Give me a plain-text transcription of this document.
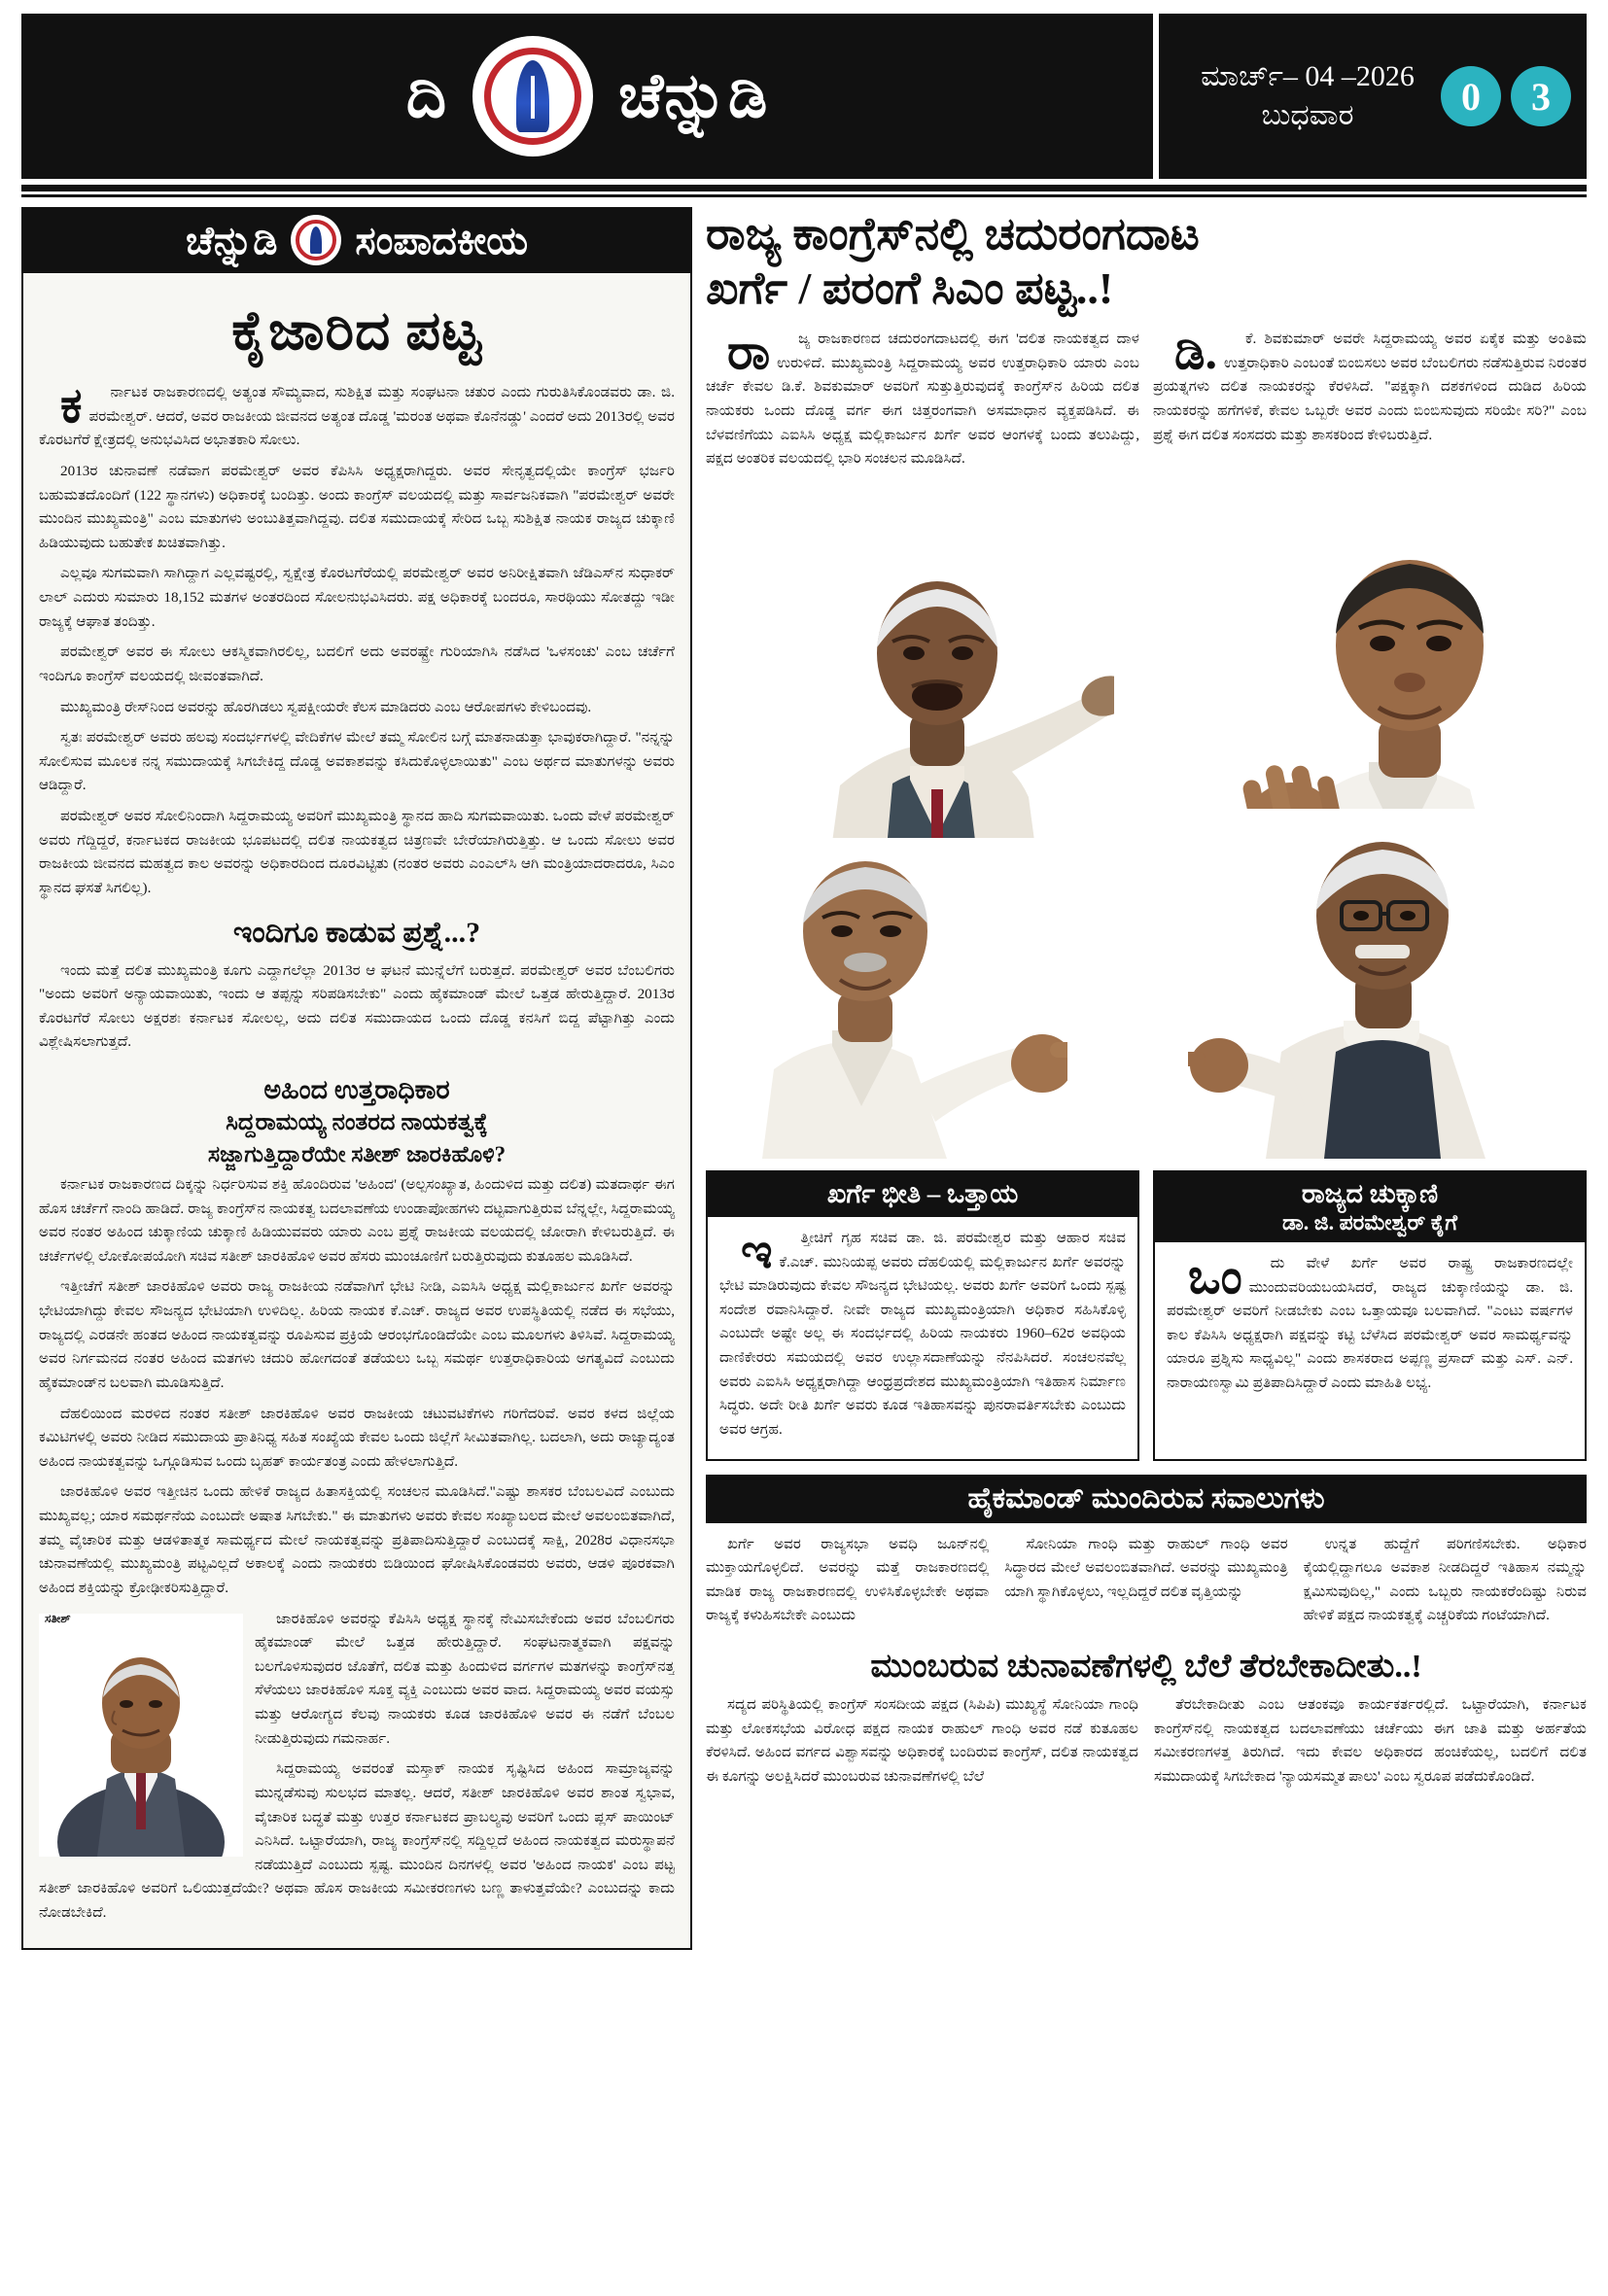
ದಿ	ಚೆನ್ನುಡಿ	ಮಾರ್ಚ್– 04 –2026
ಬುಧವಾರ	0	3
ಚೆನ್ನುಡಿ ಸಂಪಾದಕೀಯ
ಕೈಜಾರಿದ ಪಟ್ಟ

ಕರ್ನಾಟಕ ರಾಜಕಾರಣದಲ್ಲಿ ಅತ್ಯಂತ ಸೌಮ್ಯವಾದ, ಸುಶಿಕ್ಷಿತ ಮತ್ತು ಸಂಘಟನಾ ಚತುರ ಎಂದು ಗುರುತಿಸಿಕೊಂಡವರು ಡಾ. ಜಿ. ಪರಮೇಶ್ವರ್. ಆದರೆ, ಅವರ ರಾಜಕೀಯ ಜೀವನದ ಅತ್ಯಂತ ದೊಡ್ಡ 'ಮರಂತ ಅಥವಾ ಕೊನೆನಡ್ಡು' ಎಂದರೆ ಅದು 2013ರಲ್ಲಿ ಅವರ ಕೊರಟಗೆರೆ ಕ್ಷೇತ್ರದಲ್ಲಿ ಅನುಭವಿಸಿದ ಅಭಾತಕಾರಿ ಸೋಲು.

2013ರ ಚುನಾವಣೆ ನಡೆವಾಗ ಪರಮೇಶ್ವರ್ ಅವರ ಕೆಪಿಸಿಸಿ ಅಧ್ಯಕ್ಷರಾಗಿದ್ದರು. ಅವರ ಸೇನೃತ್ವದಲ್ಲಿಯೇ ಕಾಂಗ್ರೆಸ್ ಭರ್ಜರಿ ಬಹುಮತದೊಂದಿಗೆ (122 ಸ್ಥಾನಗಳು) ಅಧಿಕಾರಕ್ಕೆ ಬಂದಿತ್ತು. ಅಂದು ಕಾಂಗ್ರೆಸ್ ವಲಯದಲ್ಲಿ ಮತ್ತು ಸಾರ್ವಜನಿಕವಾಗಿ "ಪರಮೇಶ್ವರ್ ಅವರೇ ಮುಂದಿನ ಮುಖ್ಯಮಂತ್ರಿ" ಎಂಬ ಮಾತುಗಳು ಅಂಬುತಿತ್ತವಾಗಿದ್ದವು. ದಲಿತ ಸಮುದಾಯಕ್ಕೆ ಸೇರಿದ ಒಬ್ಬ ಸುಶಿಕ್ಷಿತ ನಾಯಕ ರಾಜ್ಯದ ಚುಕ್ಕಾಣಿ ಹಿಡಿಯುವುದು ಬಹುತೇಕ ಖಚಿತವಾಗಿತ್ತು.

ಎಲ್ಲವೂ ಸುಗಮವಾಗಿ ಸಾಗಿದ್ದಾಗ ಎಲ್ಲವಷ್ಟರಲ್ಲಿ, ಸ್ವಕ್ಷೇತ್ರ ಕೊರಟಗೆರೆಯಲ್ಲಿ ಪರಮೇಶ್ವರ್ ಅವರ ಅನಿರೀಕ್ಷಿತವಾಗಿ ಜೆಡಿಎಸ್‌ನ ಸುಧಾಕರ್ ಲಾಲ್ ಎದುರು ಸುಮಾರು 18,152 ಮತಗಳ ಅಂತರದಿಂದ ಸೋಲನುಭವಿಸಿದರು. ಪಕ್ಷ ಅಧಿಕಾರಕ್ಕೆ ಬಂದರೂ, ಸಾರಥಿಯು ಸೋತದ್ದು ಇಡೀ ರಾಜ್ಯಕ್ಕೆ ಆಘಾತ ತಂದಿತ್ತು.

ಪರಮೇಶ್ವರ್ ಅವರ ಈ ಸೋಲು ಆಕಸ್ಮಿಕವಾಗಿರಲಿಲ್ಲ, ಬದಲಿಗೆ ಅದು ಅವರಷ್ಟ್ರೇ ಗುರಿಯಾಗಿಸಿ ನಡೆಸಿದ 'ಒಳಸಂಚು' ಎಂಬ ಚರ್ಚೆಗೆ ಇಂದಿಗೂ ಕಾಂಗ್ರೆಸ್ ವಲಯದಲ್ಲಿ ಜೀವಂತವಾಗಿದೆ.

ಮುಖ್ಯಮಂತ್ರಿ ರೇಸ್‌ನಿಂದ ಅವರನ್ನು ಹೊರಗಿಡಲು ಸ್ವಪಕ್ಷೀಯರೇ ಕೆಲಸ ಮಾಡಿದರು ಎಂಬ ಆರೋಪಗಳು ಕೇಳಿಬಂದವು.

ಸ್ವತಃ ಪರಮೇಶ್ವರ್ ಅವರು ಹಲವು ಸಂದರ್ಭಗಳಲ್ಲಿ ವೇದಿಕೆಗಳ ಮೇಲೆ ತಮ್ಮ ಸೋಲಿನ ಬಗ್ಗೆ ಮಾತನಾಡುತ್ತಾ ಭಾವುಕರಾಗಿದ್ದಾರೆ. "ನನ್ನನ್ನು ಸೋಲಿಸುವ ಮೂಲಕ ನನ್ನ ಸಮುದಾಯಕ್ಕೆ ಸಿಗಬೇಕಿದ್ದ ದೊಡ್ಡ ಅವಕಾಶವನ್ನು ಕಸಿದುಕೊಳ್ಳಲಾಯಿತು" ಎಂಬ ಅರ್ಥದ ಮಾತುಗಳನ್ನು ಅವರು ಆಡಿದ್ದಾರೆ.

ಪರಮೇಶ್ವರ್ ಅವರ ಸೋಲಿನಿಂದಾಗಿ ಸಿದ್ದರಾಮಯ್ಯ ಅವರಿಗೆ ಮುಖ್ಯಮಂತ್ರಿ ಸ್ಥಾನದ ಹಾದಿ ಸುಗಮವಾಯಿತು. ಒಂದು ವೇಳೆ ಪರಮೇಶ್ವರ್ ಅವರು ಗೆದ್ದಿದ್ದರೆ, ಕರ್ನಾಟಕದ ರಾಜಕೀಯ ಭೂಪಟದಲ್ಲಿ ದಲಿತ ನಾಯಕತ್ವದ ಚಿತ್ರಣವೇ ಬೇರೆಯಾಗಿರುತ್ತಿತ್ತು. ಆ ಒಂದು ಸೋಲು ಅವರ ರಾಜಕೀಯ ಜೀವನದ ಮಹತ್ವದ ಕಾಲ ಅವರನ್ನು ಅಧಿಕಾರದಿಂದ ದೂರವಿಟ್ಟಿತು (ನಂತರ ಅವರು ಎಂಎಲ್‌ಸಿ ಆಗಿ ಮಂತ್ರಿಯಾದರಾದರೂ, ಸಿಎಂ ಸ್ಥಾನದ ಘಸತೆ ಸಿಗಲಿಲ್ಲ).

ಇಂದಿಗೂ ಕಾಡುವ ಪ್ರಶ್ನೆ...?

ಇಂದು ಮತ್ತೆ ದಲಿತ ಮುಖ್ಯಮಂತ್ರಿ ಕೂಗು ಎದ್ದಾಗಲೆಲ್ಲಾ 2013ರ ಆ ಘಟನೆ ಮುನ್ನೆಲೆಗೆ ಬರುತ್ತದೆ. ಪರಮೇಶ್ವರ್ ಅವರ ಬೆಂಬಲಿಗರು "ಅಂದು ಅವರಿಗೆ ಅನ್ಯಾಯವಾಯಿತು, ಇಂದು ಆ ತಪ್ಪನ್ನು ಸರಿಪಡಿಸಬೇಕು" ಎಂದು ಹೈಕಮಾಂಡ್ ಮೇಲೆ ಒತ್ತಡ ಹೇರುತ್ತಿದ್ದಾರೆ. 2013ರ ಕೊರಟಗೆರೆ ಸೋಲು ಅಕ್ಷರಶಃ ಕರ್ನಾಟಕ ಸೋಲಲ್ಲ, ಅದು ದಲಿತ ಸಮುದಾಯದ ಒಂದು ದೊಡ್ಡ ಕನಸಿಗೆ ಬಿದ್ದ ಪೆಟ್ಟಾಗಿತ್ತು ಎಂದು ವಿಶ್ಲೇಷಿಸಲಾಗುತ್ತದೆ.

ಅಹಿಂದ ಉತ್ತರಾಧಿಕಾರ
ಸಿದ್ದರಾಮಯ್ಯ ನಂತರದ ನಾಯಕತ್ವಕ್ಕೆ
ಸಜ್ಜಾಗುತ್ತಿದ್ದಾರೆಯೇ ಸತೀಶ್ ಜಾರಕಿಹೊಳಿ?

ಕರ್ನಾಟಕ ರಾಜಕಾರಣದ ದಿಕ್ಕನ್ನು ನಿರ್ಧರಿಸುವ ಶಕ್ತಿ ಹೊಂದಿರುವ 'ಅಹಿಂದ' (ಅಲ್ಪಸಂಖ್ಯಾತ, ಹಿಂದುಳಿದ ಮತ್ತು ದಲಿತ) ಮತದಾರ್ಥ ಈಗ ಹೊಸ ಚರ್ಚೆಗೆ ನಾಂದಿ ಹಾಡಿದೆ. ರಾಜ್ಯ ಕಾಂಗ್ರೆಸ್‌ನ ನಾಯಕತ್ವ ಬದಲಾವಣೆಯ ಉಂಡಾಪೋಹಗಳು ದಟ್ಟವಾಗುತ್ತಿರುವ ಬೆನ್ನಲ್ಲೇ, ಸಿದ್ದರಾಮಯ್ಯ ಅವರ ನಂತರ ಅಹಿಂದ ಚುಕ್ಕಾಣಿಯ ಚುಕ್ಕಾಣಿ ಹಿಡಿಯುವವರು ಯಾರು ಎಂಬ ಪ್ರಶ್ನೆ ರಾಜಕೀಯ ವಲಯದಲ್ಲಿ ಜೋರಾಗಿ ಕೇಳಿಬರುತ್ತಿದೆ. ಈ ಚರ್ಚೆಗಳಲ್ಲಿ ಲೋಕೋಪಯೋಗಿ ಸಚಿವ ಸತೀಶ್ ಜಾರಕಿಹೊಳಿ ಅವರ ಹೆಸರು ಮುಂಚೂಣಿಗೆ ಬರುತ್ತಿರುವುದು ಕುತೂಹಲ ಮೂಡಿಸಿದೆ.

ಇತ್ತೀಚೆಗೆ ಸತೀಶ್ ಜಾರಕಿಹೊಳಿ ಅವರು ರಾಜ್ಯ ರಾಜಕೀಯ ನಡೆವಾಗಿಗೆ ಭೇಟಿ ನೀಡಿ, ಎಐಸಿಸಿ ಅಧ್ಯಕ್ಷ ಮಲ್ಲಿಕಾರ್ಜುನ ಖರ್ಗೆ ಅವರನ್ನು ಭೇಟಿಯಾಗಿದ್ದು ಕೇವಲ ಸೌಜನ್ಯದ ಭೇಟಿಯಾಗಿ ಉಳಿದಿಲ್ಲ. ಹಿರಿಯ ನಾಯಕ ಕೆ.ಎಚ್. ರಾಜ್ಯದ ಅವರ ಉಪಸ್ಥಿತಿಯಲ್ಲಿ ನಡೆದ ಈ ಸಭೆಯು, ರಾಜ್ಯದಲ್ಲಿ ಎರಡನೇ ಹಂತದ ಅಹಿಂದ ನಾಯಕತ್ವವನ್ನು ರೂಪಿಸುವ ಪ್ರಕ್ರಿಯೆ ಆರಂಭಗೊಂಡಿದೆಯೇ ಎಂಬ ಮೂಲಗಳು ತಿಳಿಸಿವೆ. ಸಿದ್ದರಾಮಯ್ಯ ಅವರ ನಿರ್ಗಮನದ ನಂತರ ಅಹಿಂದ ಮತಗಳು ಚದುರಿ ಹೋಗದಂತೆ ತಡೆಯಲು ಒಬ್ಬ ಸಮರ್ಥ ಉತ್ತರಾಧಿಕಾರಿಯ ಅಗತ್ಯವಿದೆ ಎಂಬುದು ಹೈಕಮಾಂಡ್‌ನ ಬಲವಾಗಿ ಮೂಡಿಸುತ್ತಿದೆ.

ದೆಹಲಿಯಿಂದ ಮರಳಿದ ನಂತರ ಸತೀಶ್ ಜಾರಕಿಹೊಳಿ ಅವರ ರಾಜಕೀಯ ಚಟುವಟಿಕೆಗಳು ಗರಿಗೆದರಿವೆ. ಅವರ ಕಳದ ಜಿಲ್ಲೆಯ ಕಮಿಟಿಗಳಲ್ಲಿ ಅವರು ನೀಡಿದ ಸಮುದಾಯ ಪ್ರಾತಿನಿಧ್ಯ ಸಹಿತ ಸಂಖ್ಯೆಯ ಕೇವಲ ಒಂದು ಜಿಲ್ಲೆಗೆ ಸೀಮಿತವಾಗಿಲ್ಲ. ಬದಲಾಗಿ, ಅದು ರಾಜ್ಯಾದ್ಯಂತ ಅಹಿಂದ ನಾಯಕತ್ವವನ್ನು ಒಗ್ಗೂಡಿಸುವ ಒಂದು ಬೃಹತ್ ಕಾರ್ಯತಂತ್ರ ಎಂದು ಹೇಳಲಾಗುತ್ತಿದೆ.

ಜಾರಕಿಹೊಳಿ ಅವರ ಇತ್ತೀಚಿನ ಒಂದು ಹೇಳಿಕೆ ರಾಜ್ಯದ ಹಿತಾಸಕ್ತಿಯಲ್ಲಿ ಸಂಚಲನ ಮೂಡಿಸಿದೆ."ಎಷ್ಟು ಶಾಸಕರ ಬೆಂಬಲವಿದೆ ಎಂಬುದು ಮುಖ್ಯವಲ್ಲ; ಯಾರ ಸಮರ್ಥನೆಯ ಎಂಬುದೇ ಅಷಾತ ಸಿಗಬೇಕು." ಈ ಮಾತುಗಳು ಅವರು ಕೇವಲ ಸಂಖ್ಯಾಬಲದ ಮೇಲೆ ಅವಲಂಬಿತವಾಗಿದೆ, ತಮ್ಮ ವೈಚಾರಿಕ ಮತ್ತು ಆಡಳಿತಾತ್ಮಕ ಸಾಮರ್ಥ್ಯದ ಮೇಲೆ ನಾಯಕತ್ವವನ್ನು ಪ್ರತಿಪಾದಿಸುತ್ತಿದ್ದಾರೆ ಎಂಬುದಕ್ಕೆ ಸಾಕ್ಷಿ, 2028ರ ವಿಧಾನಸಭಾ ಚುನಾವಣೆಯಲ್ಲಿ ಮುಖ್ಯಮಂತ್ರಿ ಪಟ್ಟವಿಲ್ಲದೆ ಅಕಾಲಕ್ಕೆ ಎಂದು ನಾಯಕರು ಬಿಡಿಯಿಂದ ಘೋಷಿಸಿಕೊಂಡವರು ಅವರು, ಆಡಳಿ ಪೂರಕವಾಗಿ ಅಹಿಂದ ಶಕ್ತಿಯನ್ನು ಕ್ರೋಢೀಕರಿಸುತ್ತಿದ್ದಾರೆ.

ಸತೀಶ್	ಜಾರಕಿಹೊಳಿ ಅವರನ್ನು ಕೆಪಿಸಿಸಿ ಅಧ್ಯಕ್ಷ ಸ್ಥಾನಕ್ಕೆ ನೇಮಿಸಬೇಕೆಂದು ಅವರ ಬೆಂಬಲಿಗರು ಹೈಕಮಾಂಡ್ ಮೇಲೆ ಒತ್ತಡ ಹೇರುತ್ತಿದ್ದಾರೆ. ಸಂಘಟನಾತ್ಮಕವಾಗಿ ಪಕ್ಷವನ್ನು ಬಲಗೊಳಿಸುವುದರ ಜೊತೆಗೆ, ದಲಿತ ಮತ್ತು ಹಿಂದುಳಿದ ವರ್ಗಗಳ ಮತಗಳನ್ನು ಕಾಂಗ್ರೆಸ್‌ನತ್ತ ಸೆಳೆಯಲು ಜಾರಕಿಹೊಳಿ ಸೂಕ್ತ ವ್ಯಕ್ತಿ ಎಂಬುದು ಅವರ ವಾದ. ಸಿದ್ದರಾಮಯ್ಯ ಅವರ ವಯಸ್ಸು ಮತ್ತು ಆರೋಗ್ಯದ ಕೆಲವು ನಾಯಕರು ಕೂಡ ಜಾರಕಿಹೊಳಿ ಅವರ ಈ ನಡೆಗೆ ಬೆಂಬಲ ನೀಡುತ್ತಿರುವುದು ಗಮನಾರ್ಹ.

ಸಿದ್ದರಾಮಯ್ಯ ಅವರಂತೆ ಮಸ್ತಾಕ್ ನಾಯಕ ಸೃಷ್ಟಿಸಿದ ಅಹಿಂದ ಸಾಮ್ರಾಜ್ಯವನ್ನು ಮುನ್ನಡೆಸುವು ಸುಲಭದ ಮಾತಲ್ಲ. ಆದರೆ, ಸತೀಶ್ ಜಾರಕಿಹೊಳಿ ಅವರ ಶಾಂತ ಸ್ವಭಾವ, ವೈಚಾರಿಕ ಬದ್ಧತೆ ಮತ್ತು ಉತ್ತರ ಕರ್ನಾಟಕದ ಪ್ರಾಬಲ್ಯವು ಅವರಿಗೆ ಒಂದು ಪ್ಲಸ್ ಪಾಯಿಂಟ್ ಎನಿಸಿದೆ. ಒಟ್ಟಾರೆಯಾಗಿ, ರಾಜ್ಯ ಕಾಂಗ್ರೆಸ್‌ನಲ್ಲಿ ಸದ್ದಿಲ್ಲದೆ ಅಹಿಂದ ನಾಯಕತ್ವದ ಮರುಸ್ಥಾಪನೆ ನಡೆಯುತ್ತಿದೆ ಎಂಬುದು ಸ್ಪಷ್ಟ. ಮುಂದಿನ ದಿನಗಳಲ್ಲಿ ಅವರ 'ಅಹಿಂದ ನಾಯಕ' ಎಂಬ ಪಟ್ಟ ಸತೀಶ್ ಜಾರಕಿಹೊಳಿ ಅವರಿಗೆ ಒಲಿಯುತ್ತದೆಯೇ? ಅಥವಾ ಹೊಸ ರಾಜಕೀಯ ಸಮೀಕರಣಗಳು ಬಣ್ಣ ತಾಳುತ್ತವೆಯೇ? ಎಂಬುದನ್ನು ಕಾದು ನೋಡಬೇಕಿದೆ.

ರಾಜ್ಯ ಕಾಂಗ್ರೆಸ್‌ನಲ್ಲಿ ಚದುರಂಗದಾಟ
ಖರ್ಗೆ / ಪರಂಗೆ ಸಿಎಂ ಪಟ್ಟ..!

ರಾಜ್ಯ ರಾಜಕಾರಣದ ಚದುರಂಗದಾಟದಲ್ಲಿ ಈಗ 'ದಲಿತ ನಾಯಕತ್ವದ ದಾಳ ಉರುಳಿದೆ. ಮುಖ್ಯಮಂತ್ರಿ ಸಿದ್ದರಾಮಯ್ಯ ಅವರ ಉತ್ತರಾಧಿಕಾರಿ ಯಾರು ಎಂಬ ಚರ್ಚೆ ಕೇವಲ ಡಿ.ಕೆ. ಶಿವಕುಮಾರ್ ಅವರಿಗೆ ಸುತ್ತುತ್ತಿರುವುದಕ್ಕೆ ಕಾಂಗ್ರೆಸ್‌ನ ಹಿರಿಯ ದಲಿತ ನಾಯಕರು ಒಂದು ದೊಡ್ಡ ವರ್ಗ ಈಗ ಚಿತ್ತರಂಗವಾಗಿ ಅಸಮಾಧಾನ ವ್ಯಕ್ತಪಡಿಸಿದೆ. ಈ ಬೆಳವಣಿಗೆಯು ಎಐಸಿಸಿ ಅಧ್ಯಕ್ಷ ಮಲ್ಲಿಕಾರ್ಜುನ ಖರ್ಗೆ ಅವರ ಆಂಗಳಕ್ಕೆ ಬಂದು ತಲುಪಿದ್ದು, ಪಕ್ಷದ ಅಂತರಿಕ ವಲಯದಲ್ಲಿ ಭಾರಿ ಸಂಚಲನ ಮೂಡಿಸಿದೆ.

ಡಿ.ಕೆ. ಶಿವಕುಮಾರ್ ಅವರೇ ಸಿದ್ದರಾಮಯ್ಯ ಅವರ ಏಕೈಕ ಮತ್ತು ಅಂತಿಮ ಉತ್ತರಾಧಿಕಾರಿ ಎಂಬಂತೆ ಬಿಂಬಿಸಲು ಅವರ ಬೆಂಬಲಿಗರು ನಡೆಸುತ್ತಿರುವ ನಿರಂತರ ಪ್ರಯತ್ನಗಳು ದಲಿತ ನಾಯಕರನ್ನು ಕೆರಳಿಸಿದೆ. "ಪಕ್ಷಕ್ಕಾಗಿ ದಶಕಗಳಿಂದ ದುಡಿದ ಹಿರಿಯ ನಾಯಕರನ್ನು ಹಗೆಗಳಿಕೆ, ಕೇವಲ ಒಬ್ಬರೇ ಅವರ ಎಂದು ಬಿಂಬಿಸುವುದು ಸರಿಯೇ ಸರಿ?" ಎಂಬ ಪ್ರಶ್ನೆ ಈಗ ದಲಿತ ಸಂಸದರು ಮತ್ತು ಶಾಸಕರಿಂದ ಕೇಳಿಬರುತ್ತಿದೆ.

ಖರ್ಗೆ ಭೀತಿ – ಒತ್ತಾಯ

ಇತ್ತೀಚಿಗೆ ಗೃಹ ಸಚಿವ ಡಾ. ಜಿ. ಪರಮೇಶ್ವರ ಮತ್ತು ಆಹಾರ ಸಚಿವ ಕೆ.ಎಚ್. ಮುನಿಯಪ್ಪ ಅವರು ದೆಹಲಿಯಲ್ಲಿ ಮಲ್ಲಿಕಾರ್ಜುನ ಖರ್ಗೆ ಅವರನ್ನು ಭೇಟಿ ಮಾಡಿರುವುದು ಕೇವಲ ಸೌಜನ್ಯದ ಭೇಟಿಯಲ್ಲ. ಅವರು ಖರ್ಗೆ ಅವರಿಗೆ ಒಂದು ಸ್ಪಷ್ಟ ಸಂದೇಶ ರವಾನಿಸಿದ್ದಾರೆ. ನೀವೇ ರಾಜ್ಯದ ಮುಖ್ಯಮಂತ್ರಿಯಾಗಿ ಅಧಿಕಾರ ಸಹಿಸಿಕೊಳ್ಳಿ ಎಂಬುದೇ ಅಷ್ಟೇ ಅಲ್ಲ ಈ ಸಂದರ್ಭದಲ್ಲಿ ಹಿರಿಯ ನಾಯಕರು 1960–62ರ ಅವಧಿಯ ದಾಣಿಕೇರರು ಸಮಯದಲ್ಲಿ ಅವರ ಉಲ್ಲಾಸದಾಣೆಯನ್ನು ನೆನಪಿಸಿದರೆ. ಸಂಚಲನವೆಲ್ಲ ಅವರು ಎಐಸಿಸಿ ಅಧ್ಯಕ್ಷರಾಗಿದ್ದಾ ಆಂಧ್ರಪ್ರದೇಶದ ಮುಖ್ಯಮಂತ್ರಿಯಾಗಿ ಇತಿಹಾಸ ನಿರ್ಮಾಣ ಸಿದ್ಧರು. ಅದೇ ರೀತಿ ಖರ್ಗೆ ಅವರು ಕೂಡ ಇತಿಹಾಸವನ್ನು ಪುನರಾವರ್ತಿಸಬೇಕು ಎಂಬುದು ಅವರ ಆಗ್ರಹ.

ರಾಜ್ಯದ ಚುಕ್ಕಾಣಿ
ಡಾ. ಜಿ. ಪರಮೇಶ್ವರ್ ಕೈಗೆ

ಒಂದು ವೇಳೆ ಖರ್ಗೆ ಅವರ ರಾಷ್ಟ್ರ ರಾಜಕಾರಣದಲ್ಲೇ ಮುಂದುವರಿಯಬಯಸಿದರೆ, ರಾಜ್ಯದ ಚುಕ್ಕಾಣಿಯನ್ನು ಡಾ. ಜಿ. ಪರಮೇಶ್ವರ್ ಅವರಿಗೆ ನೀಡಬೇಕು ಎಂಬ ಒತ್ತಾಯವೂ ಬಲವಾಗಿದೆ. "ಎಂಟು ವರ್ಷಗಳ ಕಾಲ ಕೆಪಿಸಿಸಿ ಅಧ್ಯಕ್ಷರಾಗಿ ಪಕ್ಷವನ್ನು ಕಟ್ಟಿ ಬೆಳೆಸಿದ ಪರಮೇಶ್ವರ್ ಅವರ ಸಾಮರ್ಥ್ಯವನ್ನು ಯಾರೂ ಪ್ರಶ್ನಿಸು ಸಾಧ್ಯವಿಲ್ಲ" ಎಂದು ಶಾಸಕರಾದ ಅಪ್ಪಣ್ಣ ಪ್ರಸಾದ್ ಮತ್ತು ಎಸ್. ಎನ್. ನಾರಾಯಣಸ್ವಾಮಿ ಪ್ರತಿಪಾದಿಸಿದ್ದಾರೆ ಎಂದು ಮಾಹಿತಿ ಲಭ್ಯ.

ಹೈಕಮಾಂಡ್ ಮುಂದಿರುವ ಸವಾಲುಗಳು

ಖರ್ಗೆ ಅವರ ರಾಜ್ಯಸಭಾ ಅವಧಿ ಜೂನ್‌ನಲ್ಲಿ ಮುಕ್ತಾಯಗೊಳ್ಳಲಿದೆ. ಅವರನ್ನು ಮತ್ತೆ ರಾಜಕಾರಣದಲ್ಲಿ ಮಾಡಿಕ ರಾಜ್ಯ ರಾಜಕಾರಣದಲ್ಲಿ ಉಳಿಸಿಕೊಳ್ಳಬೇಕೇ ಅಥವಾ ರಾಜ್ಯಕ್ಕೆ ಕಳುಹಿಸಬೇಕೇ ಎಂಬುದು

ಸೋನಿಯಾ ಗಾಂಧಿ ಮತ್ತು ರಾಹುಲ್ ಗಾಂಧಿ ಅವರ ಸಿದ್ಧಾರದ ಮೇಲೆ ಅವಲಂಬಿತವಾಗಿದೆ. ಅವರನ್ನು ಮುಖ್ಯಮಂತ್ರಿ ಯಾಗಿ ಸ್ಥಾಗಿಕೊಳ್ಳಲು, ಇಲ್ಲದಿದ್ದರೆ ದಲಿತ ವೃತ್ತಿಯನ್ನು

ಉನ್ನತ ಹುದ್ದೆಗೆ ಪರಿಗಣಿಸಬೇಕು. ಅಧಿಕಾರ ಕೈಯಲ್ಲಿದ್ದಾಗಲೂ ಅವಕಾಶ ನೀಡದಿದ್ದರೆ ಇತಿಹಾಸ ನಮ್ಮನ್ನು ಕ್ಷಮಿಸುವುದಿಲ್ಲ," ಎಂದು ಒಬ್ಬರು ನಾಯಕರೆಂದಿಷ್ಟು ನಿರುವ ಹೇಳಿಕೆ ಪಕ್ಷದ ನಾಯಕತ್ವಕ್ಕೆ ಎಚ್ಚರಿಕೆಯ ಗಂಟೆಯಾಗಿದೆ.

ಮುಂಬರುವ ಚುನಾವಣೆಗಳಲ್ಲಿ ಬೆಲೆ ತೆರಬೇಕಾದೀತು..!

ಸದ್ಯದ ಪರಿಸ್ಥಿತಿಯಲ್ಲಿ ಕಾಂಗ್ರೆಸ್ ಸಂಸದೀಯ ಪಕ್ಷದ (ಸಿಪಿಪಿ) ಮುಖ್ಯಸ್ಥೆ ಸೋನಿಯಾ ಗಾಂಧಿ ಮತ್ತು ಲೋಕಸಭೆಯ ವಿರೋಧ ಪಕ್ಷದ ನಾಯಕ ರಾಹುಲ್ ಗಾಂಧಿ ಅವರ ನಡೆ ಕುತೂಹಲ ಕೆರಳಿಸಿದೆ. ಅಹಿಂದ ವರ್ಗದ ವಿಶ್ವಾಸವನ್ನು ಅಧಿಕಾರಕ್ಕೆ ಬಂದಿರುವ ಕಾಂಗ್ರೆಸ್, ದಲಿತ ನಾಯಕತ್ವದ ಈ ಕೂಗನ್ನು ಅಲಕ್ಷಿಸಿದರೆ ಮುಂಬರುವ ಚುನಾವಣೆಗಳಲ್ಲಿ ಬೆಲೆ

ತೆರಬೇಕಾದೀತು ಎಂಬ ಆತಂಕವೂ ಕಾರ್ಯಕರ್ತರಲ್ಲಿದೆ. ಒಟ್ಟಾರೆಯಾಗಿ, ಕರ್ನಾಟಕ ಕಾಂಗ್ರೆಸ್‌ನಲ್ಲಿ ನಾಯಕತ್ವದ ಬದಲಾವಣೆಯು ಚರ್ಚೆಯು ಈಗ ಜಾತಿ ಮತ್ತು ಅರ್ಹತೆಯ ಸಮೀಕರಣಗಳತ್ತ ತಿರುಗಿದೆ. ಇದು ಕೇವಲ ಅಧಿಕಾರದ ಹಂಚಿಕೆಯಲ್ಲ, ಬದಲಿಗೆ ದಲಿತ ಸಮುದಾಯಕ್ಕೆ ಸಿಗಬೇಕಾದ 'ನ್ಯಾಯಸಮ್ಮತ ಪಾಲು' ಎಂಬ ಸ್ವರೂಪ ಪಡೆದುಕೊಂಡಿದೆ.
